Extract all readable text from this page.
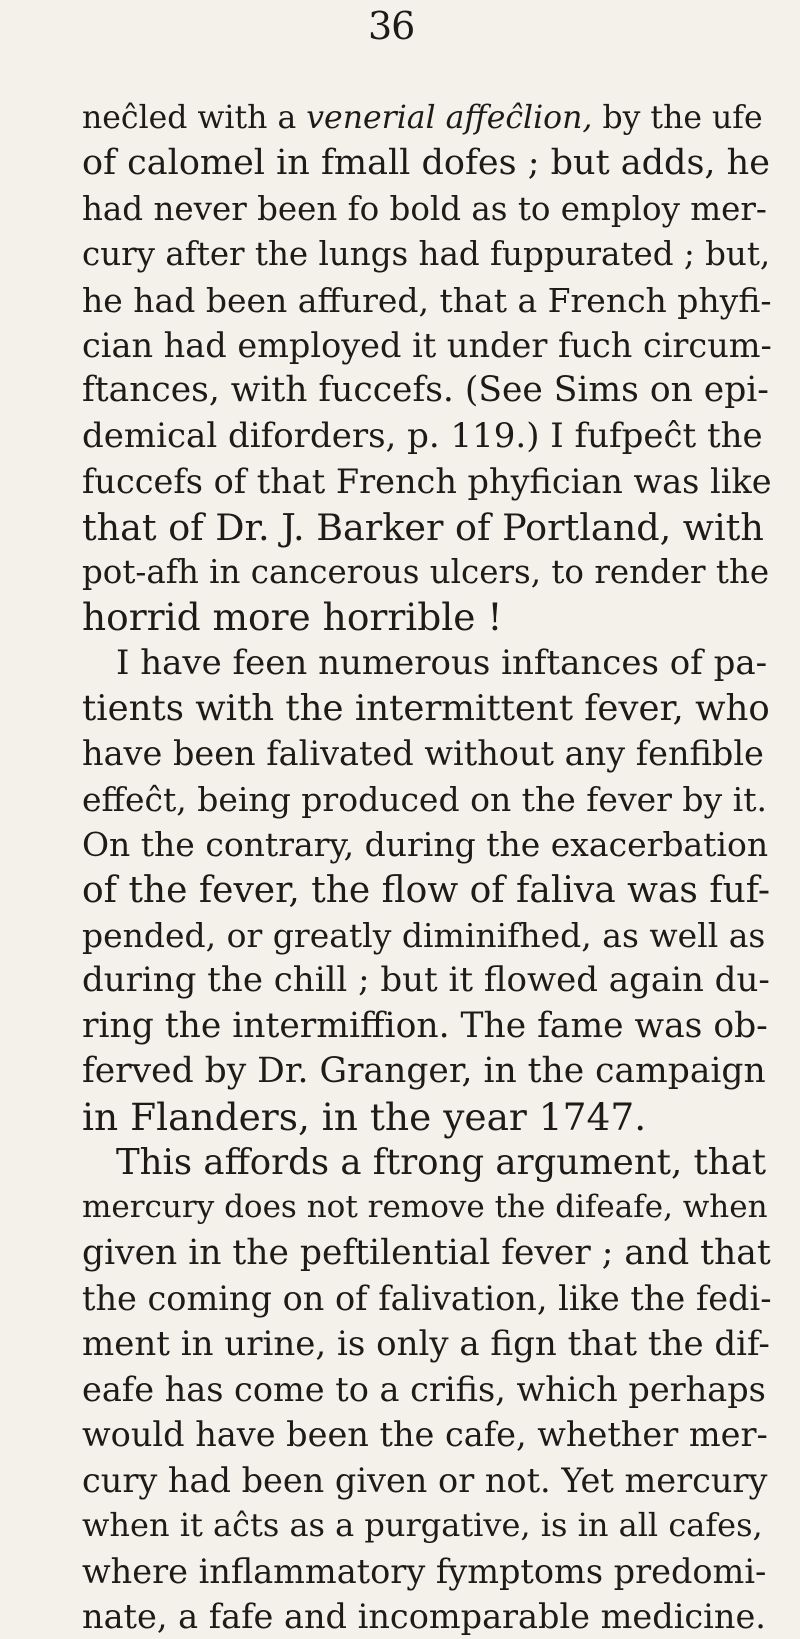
36
neĉled with a venerial affeĉlion, by the ufe
of calomel in fmall dofes ; but adds, he
had never been fo bold as to employ mer-
cury after the lungs had fuppurated ; but,
he had been affured, that a French phyfi-
cian had employed it under fuch circum-
ftances, with fuccefs. (See Sims on epi-
demical diforders, p. 119.) I fufpeĉt the
fuccefs of that French phyfician was like
that of Dr. J. Barker of Portland, with
pot-afh in cancerous ulcers, to render the
horrid more horrible !
I have feen numerous inftances of pa-
tients with the intermittent fever, who
have been falivated without any fenfible
effeĉt, being produced on the fever by it.
On the contrary, during the exacerbation
of the fever, the flow of faliva was fuf-
pended, or greatly diminifhed, as well as
during the chill ; but it flowed again du-
ring the intermiffion. The fame was ob-
ferved by Dr. Granger, in the campaign
in Flanders, in the year 1747.
This affords a ftrong argument, that
mercury does not remove the difeafe, when
given in the peftilential fever ; and that
the coming on of falivation, like the fedi-
ment in urine, is only a fign that the dif-
eafe has come to a crifis, which perhaps
would have been the cafe, whether mer-
cury had been given or not. Yet mercury
when it aĉts as a purgative, is in all cafes,
where inflammatory fymptoms predomi-
nate, a fafe and incomparable medicine.
